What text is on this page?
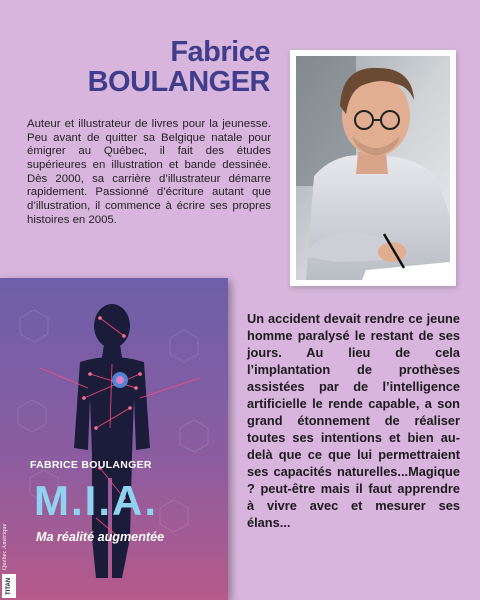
Fabrice
BOULANGER

Auteur et illustrateur de livres pour la jeunesse. Peu avant de quitter sa Belgique natale pour émigrer au Québec, il fait des études supérieures en illustration et bande dessinée. Dès 2000, sa carrière d’illustrateur démarre rapidement. Passionné d’écriture autant que d’illustration, il commence à écrire ses propres histoires en 2005.

FABRICE BOULANGER
M.I.A.
Ma réalité augmentée
Québec Amérique
TITAN

Un accident devait rendre ce jeune homme paralysé le restant de ses jours. Au lieu de cela l’implantation de prothèses assistées par de l’intelligence artificielle le rende capable, a son grand étonnement de réaliser toutes ses intentions et bien au-delà que ce que lui permettraient ses capacités naturelles...Magique ? peut-être mais il faut apprendre à vivre avec et mesurer ses élans...
